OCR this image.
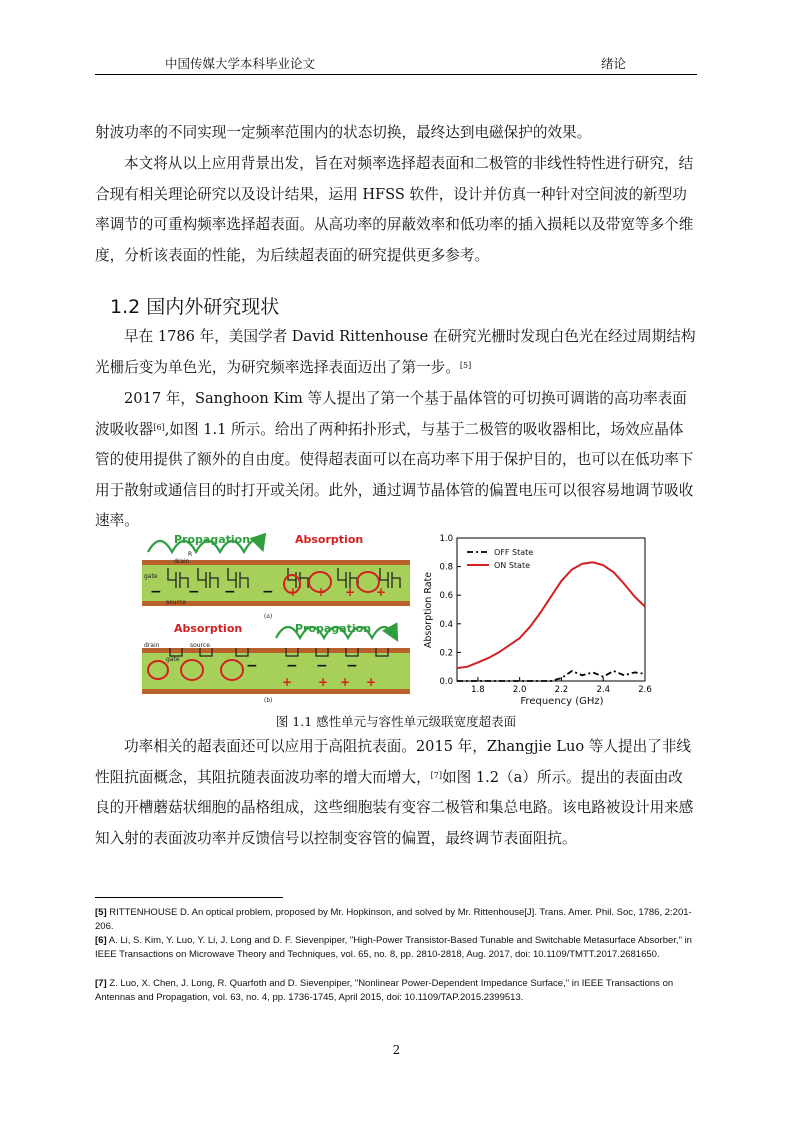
中国传媒大学本科毕业论文	绪论

射波功率的不同实现一定频率范围内的状态切换，最终达到电磁保护的效果。

本文将从以上应用背景出发，旨在对频率选择超表面和二极管的非线性特性进行研究，结合现有相关理论研究以及设计结果，运用 HFSS 软件，设计并仿真一种针对空间波的新型功率调节的可重构频率选择超表面。从高功率的屏蔽效率和低功率的插入损耗以及带宽等多个维度，分析该表面的性能，为后续超表面的研究提供更多参考。

1.2 国内外研究现状

早在 1786 年，美国学者 David Rittenhouse 在研究光栅时发现白色光在经过周期结构光栅后变为单色光，为研究频率选择表面迈出了第一步。[5]

2017 年，Sanghoon Kim 等人提出了第一个基于晶体管的可切换可调谐的高功率表面波吸收器[6],如图 1.1 所示。给出了两种拓扑形式，与基于二极管的吸收器相比，场效应晶体管的使用提供了额外的自由度。使得超表面可以在高功率下用于保护目的，也可以在低功率下用于散射或通信目的时打开或关闭。此外，通过调节晶体管的偏置电压可以很容易地调节吸收速率。

+ + + +
− − − −
Propagation	Absorption
R
drain
gate
source
(a)
− − − −
+ + + +
Absorption	Propagation
drain	source
gate
(b)
0.0
0.2
0.4
0.6
0.8
1.0
1.8	2.0	2.2	2.4	2.6
Frequency (GHz)
Absorption Rate
OFF State
ON State
图 1.1 感性单元与容性单元级联宽度超表面

功率相关的超表面还可以应用于高阻抗表面。2015 年，Zhangjie Luo 等人提出了非线性阻抗面概念，其阻抗随表面波功率的增大而增大，[7]如图 1.2（a）所示。提出的表面由改良的开槽蘑菇状细胞的晶格组成，这些细胞装有变容二极管和集总电路。该电路被设计用来感知入射的表面波功率并反馈信号以控制变容管的偏置，最终调节表面阻抗。

[5] RITTENHOUSE D. An optical problem, proposed by Mr. Hopkinson, and solved by Mr. Rittenhouse[J]. Trans. Amer. Phil. Soc, 1786, 2:201-206.

[6] A. Li, S. Kim, Y. Luo, Y. Li, J. Long and D. F. Sievenpiper, "High-Power Transistor-Based Tunable and Switchable Metasurface Absorber," in IEEE Transactions on Microwave Theory and Techniques, vol. 65, no. 8, pp. 2810-2818, Aug. 2017, doi: 10.1109/TMTT.2017.2681650.

[7] Z. Luo, X. Chen, J. Long, R. Quarfoth and D. Sievenpiper, "Nonlinear Power-Dependent Impedance Surface," in IEEE Transactions on Antennas and Propagation, vol. 63, no. 4, pp. 1736-1745, April 2015, doi: 10.1109/TAP.2015.2399513.

2
